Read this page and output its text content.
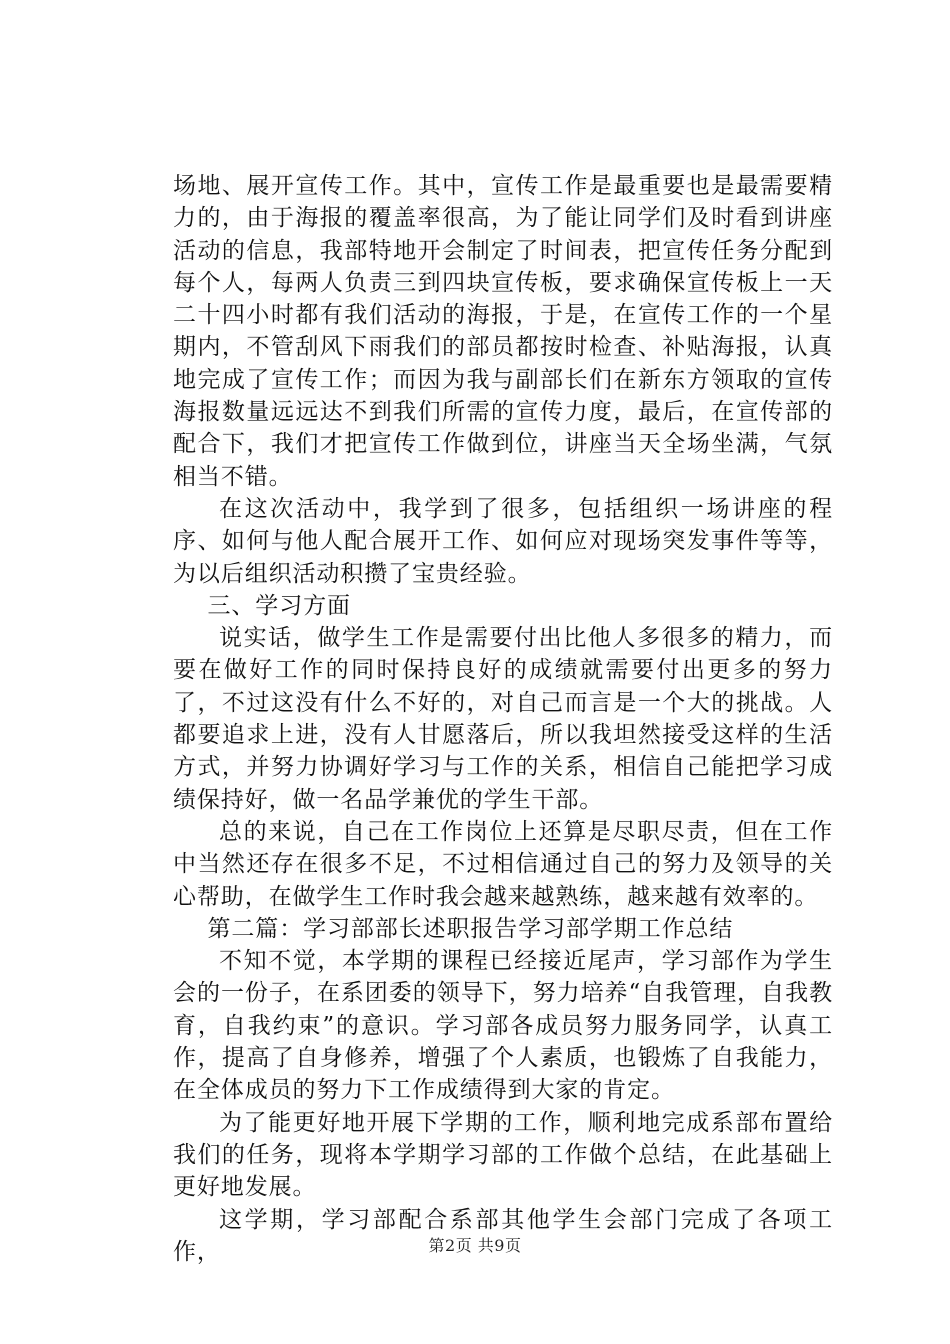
场地、展开宣传工作。其中，宣传工作是最重要也是最需要精力的，由于海报的覆盖率很高，为了能让同学们及时看到讲座活动的信息，我部特地开会制定了时间表，把宣传任务分配到每个人，每两人负责三到四块宣传板，要求确保宣传板上一天二十四小时都有我们活动的海报，于是，在宣传工作的一个星期内，不管刮风下雨我们的部员都按时检查、补贴海报，认真地完成了宣传工作；而因为我与副部长们在新东方领取的宣传海报数量远远达不到我们所需的宣传力度，最后，在宣传部的配合下，我们才把宣传工作做到位，讲座当天全场坐满，气氛相当不错。

在这次活动中，我学到了很多，包括组织一场讲座的程序、如何与他人配合展开工作、如何应对现场突发事件等等，为以后组织活动积攒了宝贵经验。

三、学习方面

说实话，做学生工作是需要付出比他人多很多的精力，而要在做好工作的同时保持良好的成绩就需要付出更多的努力了，不过这没有什么不好的，对自己而言是一个大的挑战。人都要追求上进，没有人甘愿落后，所以我坦然接受这样的生活方式，并努力协调好学习与工作的关系，相信自己能把学习成绩保持好，做一名品学兼优的学生干部。

总的来说，自己在工作岗位上还算是尽职尽责，但在工作中当然还存在很多不足，不过相信通过自己的努力及领导的关心帮助，在做学生工作时我会越来越熟练，越来越有效率的。

第二篇：学习部部长述职报告学习部学期工作总结

不知不觉，本学期的课程已经接近尾声，学习部作为学生会的一份子，在系团委的领导下，努力培养“自我管理，自我教育，自我约束”的意识。学习部各成员努力服务同学，认真工作，提高了自身修养，增强了个人素质，也锻炼了自我能力，在全体成员的努力下工作成绩得到大家的肯定。

为了能更好地开展下学期的工作，顺利地完成系部布置给我们的任务，现将本学期学习部的工作做个总结，在此基础上更好地发展。

这学期，学习部配合系部其他学生会部门完成了各项工作，	第2页 共9页
